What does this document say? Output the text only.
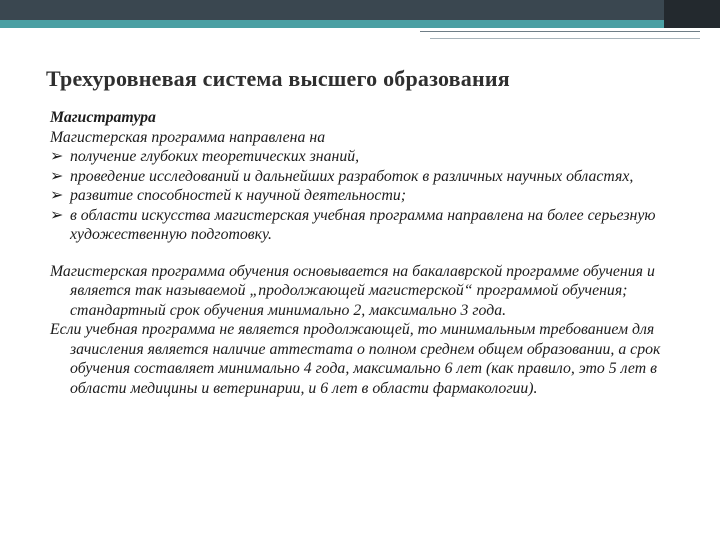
Трехуровневая система высшего образования

Магистратура

Магистерская программа направлена на

➢ получение глубоких теоретических знаний,

➢ проведение исследований и дальнейших разработок в различных научных областях,

➢ развитие способностей к научной деятельности;

➢ в области искусства магистерская учебная программа направлена на более серьезную художественную подготовку.

Магистерская программа обучения основывается на бакалаврской программе обучения и является так называемой „продолжающей магистерской“ программой обучения; стандартный срок обучения минимально 2, максимально 3 года.

Если учебная программа не является продолжающей, то минимальным требованием для зачисления является наличие аттестата о полном среднем общем образовании, а срок обучения составляет минимально 4 года, максимально 6 лет (как правило, это 5 лет в области медицины и ветеринарии, и 6 лет в области фармакологии).
